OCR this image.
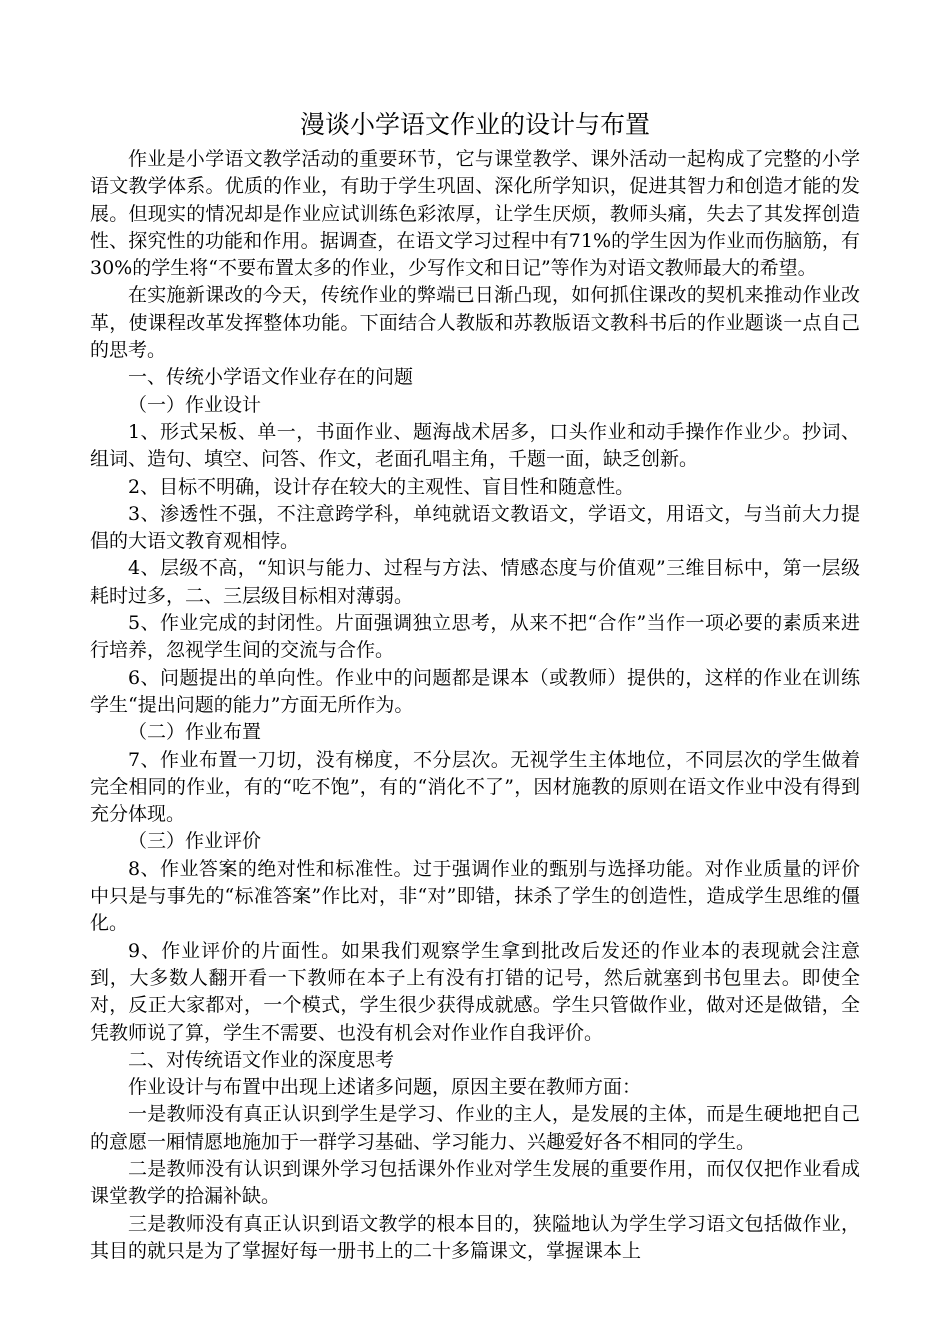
漫谈小学语文作业的设计与布置

作业是小学语文教学活动的重要环节，它与课堂教学、课外活动一起构成了完整的小学语文教学体系。优质的作业，有助于学生巩固、深化所学知识，促进其智力和创造才能的发展。但现实的情况却是作业应试训练色彩浓厚，让学生厌烦，教师头痛，失去了其发挥创造性、探究性的功能和作用。据调查，在语文学习过程中有71%的学生因为作业而伤脑筋，有30%的学生将“不要布置太多的作业，少写作文和日记”等作为对语文教师最大的希望。

在实施新课改的今天，传统作业的弊端已日渐凸现，如何抓住课改的契机来推动作业改革，使课程改革发挥整体功能。下面结合人教版和苏教版语文教科书后的作业题谈一点自己的思考。

一、传统小学语文作业存在的问题

（一）作业设计

1、形式呆板、单一，书面作业、题海战术居多，口头作业和动手操作作业少。抄词、组词、造句、填空、问答、作文，老面孔唱主角，千题一面，缺乏创新。

2、目标不明确，设计存在较大的主观性、盲目性和随意性。

3、渗透性不强，不注意跨学科，单纯就语文教语文，学语文，用语文，与当前大力提倡的大语文教育观相悖。

4、层级不高，“知识与能力、过程与方法、情感态度与价值观”三维目标中，第一层级耗时过多，二、三层级目标相对薄弱。

5、作业完成的封闭性。片面强调独立思考，从来不把“合作”当作一项必要的素质来进行培养，忽视学生间的交流与合作。

6、问题提出的单向性。作业中的问题都是课本（或教师）提供的，这样的作业在训练学生“提出问题的能力”方面无所作为。

（二）作业布置

7、作业布置一刀切，没有梯度，不分层次。无视学生主体地位，不同层次的学生做着完全相同的作业，有的“吃不饱”，有的“消化不了”，因材施教的原则在语文作业中没有得到充分体现。

（三）作业评价

8、作业答案的绝对性和标准性。过于强调作业的甄别与选择功能。对作业质量的评价中只是与事先的“标准答案”作比对，非“对”即错，抹杀了学生的创造性，造成学生思维的僵化。

9、作业评价的片面性。如果我们观察学生拿到批改后发还的作业本的表现就会注意到，大多数人翻开看一下教师在本子上有没有打错的记号，然后就塞到书包里去。即使全对，反正大家都对，一个模式，学生很少获得成就感。学生只管做作业，做对还是做错，全凭教师说了算，学生不需要、也没有机会对作业作自我评价。

二、对传统语文作业的深度思考

作业设计与布置中出现上述诸多问题，原因主要在教师方面：

一是教师没有真正认识到学生是学习、作业的主人，是发展的主体，而是生硬地把自己的意愿一厢情愿地施加于一群学习基础、学习能力、兴趣爱好各不相同的学生。

二是教师没有认识到课外学习包括课外作业对学生发展的重要作用，而仅仅把作业看成课堂教学的拾漏补缺。

三是教师没有真正认识到语文教学的根本目的，狭隘地认为学生学习语文包括做作业，其目的就只是为了掌握好每一册书上的二十多篇课文，掌握课本上
